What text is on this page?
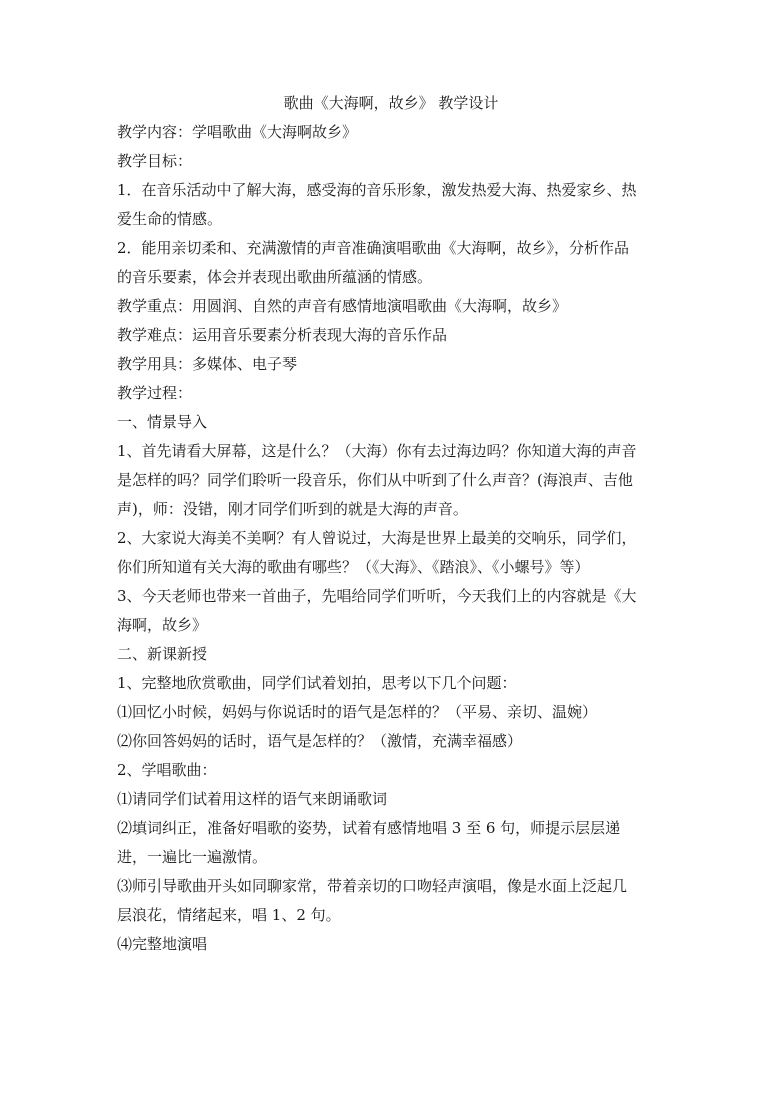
歌曲《大海啊，故乡》 教学设计

教学内容：学唱歌曲《大海啊故乡》

教学目标：

1．在音乐活动中了解大海，感受海的音乐形象，激发热爱大海、热爱家乡、热

爱生命的情感。

2．能用亲切柔和、充满激情的声音准确演唱歌曲《大海啊，故乡》，分析作品

的音乐要素，体会并表现出歌曲所蕴涵的情感。

教学重点：用圆润、自然的声音有感情地演唱歌曲《大海啊，故乡》

教学难点：运用音乐要素分析表现大海的音乐作品

教学用具：多媒体、电子琴

教学过程：

一、情景导入

1、首先请看大屏幕，这是什么？（大海）你有去过海边吗？你知道大海的声音

是怎样的吗？同学们聆听一段音乐，你们从中听到了什么声音？(海浪声、吉他

声)，师：没错，刚才同学们听到的就是大海的声音。

2、大家说大海美不美啊？有人曾说过，大海是世界上最美的交响乐，同学们，

你们所知道有关大海的歌曲有哪些？（《大海》、《踏浪》、《小螺号》等）

3、今天老师也带来一首曲子，先唱给同学们听听，今天我们上的内容就是《大

海啊，故乡》

二、新课新授

1、完整地欣赏歌曲，同学们试着划拍，思考以下几个问题：

⑴回忆小时候，妈妈与你说话时的语气是怎样的？（平易、亲切、温婉）

⑵你回答妈妈的话时，语气是怎样的？（激情，充满幸福感）

2、学唱歌曲：

⑴请同学们试着用这样的语气来朗诵歌词

⑵填词纠正，准备好唱歌的姿势，试着有感情地唱 3 至 6 句，师提示层层递

进，一遍比一遍激情。

⑶师引导歌曲开头如同聊家常，带着亲切的口吻轻声演唱，像是水面上泛起几

层浪花，情绪起来，唱 1、2 句。

⑷完整地演唱
